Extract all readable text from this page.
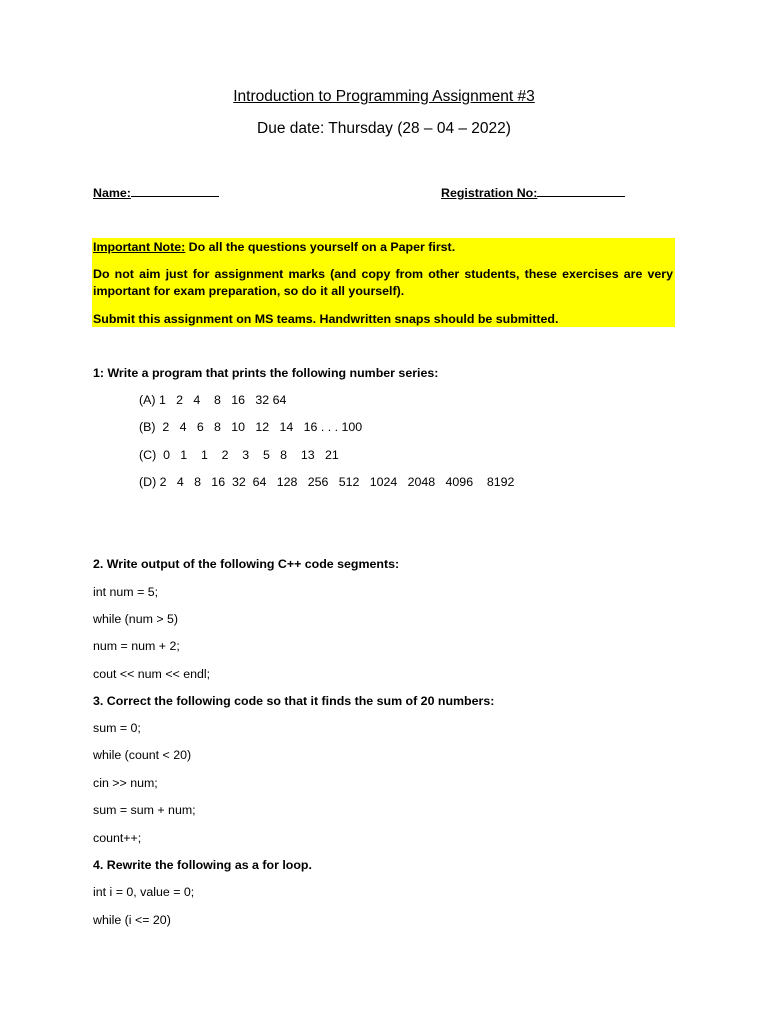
Introduction to Programming Assignment #3
Due date: Thursday (28 – 04 – 2022)
Name:	Registration No:

Important Note: Do all the questions yourself on a Paper first.

Do not aim just for assignment marks (and copy from other students, these exercises are very important for exam preparation, so do it all yourself).

Submit this assignment on MS teams. Handwritten snaps should be submitted.

1: Write a program that prints the following number series:
(A) 1   2   4    8   16   32 64
(B)  2   4   6   8   10   12   14   16 . . . 100
(C)  0   1    1    2    3    5   8    13   21
(D) 2   4   8   16  32  64   128   256   512   1024   2048   4096    8192
2. Write output of the following C++ code segments:
int num = 5;
while (num > 5)
num = num + 2;
cout << num << endl;
3. Correct the following code so that it finds the sum of 20 numbers:
sum = 0;
while (count < 20)
cin >> num;
sum = sum + num;
count++;
4. Rewrite the following as a for loop.
int i = 0, value = 0;
while (i <= 20)
